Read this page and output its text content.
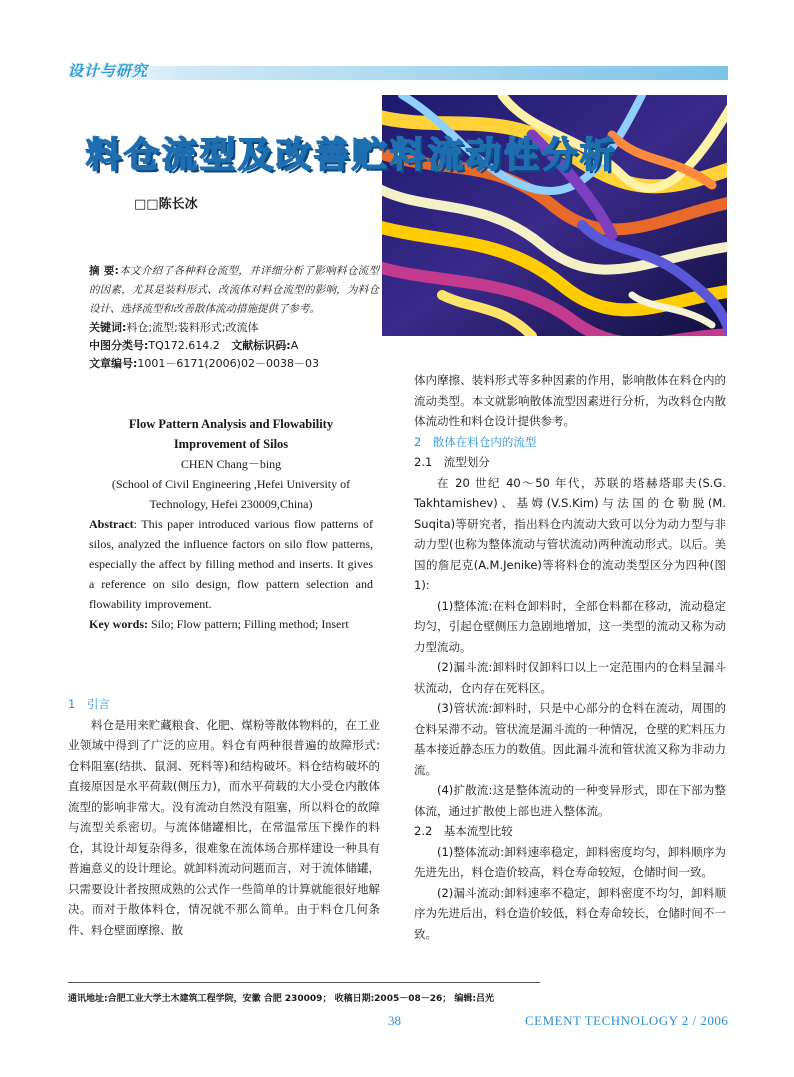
设计与研究
料仓流型及改善贮料流动性分析
□□陈长冰

摘 要:本文介绍了各种料仓流型，并详细分析了影响料仓流型的因素，尤其是装料形式、改流体对料仓流型的影响，为料仓设计、选择流型和改善散体流动措施提供了参考。

关键词:料仓;流型;装料形式;改流体

中图分类号:TQ172.614.2 文献标识码:A

文章编号:1001－6171(2006)02－0038－03

Flow Pattern Analysis and Flowability

Improvement of Silos

CHEN Chang－bing

(School of Civil Engineering ,Hefei University of

Technology, Hefei 230009,China)

Abstract: This paper introduced various flow patterns of silos, analyzed the influence factors on silo flow patterns, especially the affect by filling method and inserts. It gives a reference on silo design, flow pattern selection and flowability improvement.

Key words: Silo; Flow pattern; Filling method; Insert

1　引言

料仓是用来贮藏粮食、化肥、煤粉等散体物料的，在工业业领域中得到了广泛的应用。料仓有两种很普遍的故障形式:仓料阻塞(结拱、鼠洞、死料等)和结构破坏。料仓结构破坏的直接原因是水平荷载(侧压力)，而水平荷载的大小受仓内散体流型的影响非常大。没有流动自然没有阻塞，所以料仓的故障与流型关系密切。与流体储罐相比，在常温常压下操作的料仓，其设计却复杂得多，很难象在流体场合那样建设一种具有普遍意义的设计理论。就卸料流动问题而言，对于流体储罐，只需要设计者按照成熟的公式作一些简单的计算就能很好地解决。而对于散体料仓，情况就不那么简单。由于料仓几何条件、料仓壁面摩擦、散

体内摩擦、装料形式等多种因素的作用，影响散体在料仓内的流动类型。本文就影响散体流型因素进行分析，为改料仓内散体流动性和料仓设计提供参考。

2　散体在料仓内的流型

2.1　流型划分

在 20 世纪 40～50 年代，苏联的塔赫塔耶夫(S.G. Takhtamishev)、基姆(V.S.Kim)与法国的仓勒脱(M. Suqita)等研究者，指出料仓内流动大致可以分为动力型与非动力型(也称为整体流动与管状流动)两种流动形式。以后。美国的詹尼克(A.M.Jenike)等将料仓的流动类型区分为四种(图 1):

(1)整体流:在料仓卸料时，全部仓料都在移动，流动稳定均匀，引起仓壁侧压力急剧地增加，这一类型的流动又称为动力型流动。

(2)漏斗流:卸料时仅卸料口以上一定范围内的仓料呈漏斗状流动，仓内存在死料区。

(3)管状流:卸料时，只是中心部分的仓料在流动，周围的仓料呆滞不动。管状流是漏斗流的一种情况，仓壁的贮料压力基本接近静态压力的数值。因此漏斗流和管状流又称为非动力流。

(4)扩散流:这是整体流动的一种变异形式，即在下部为整体流，通过扩散使上部也进入整体流。

2.2　基本流型比较

(1)整体流动:卸料速率稳定，卸料密度均匀，卸料顺序为先进先出，料仓造价较高，料仓寿命较短，仓储时间一致。

(2)漏斗流动:卸料速率不稳定，卸料密度不均匀，卸料顺序为先进后出，料仓造价较低，料仓寿命较长，仓储时间不一致。

通讯地址:合肥工业大学土木建筑工程学院，安徽 合肥 230009； 收稿日期:2005－08－26； 编辑:吕光
38	CEMENT TECHNOLOGY 2 / 2006
